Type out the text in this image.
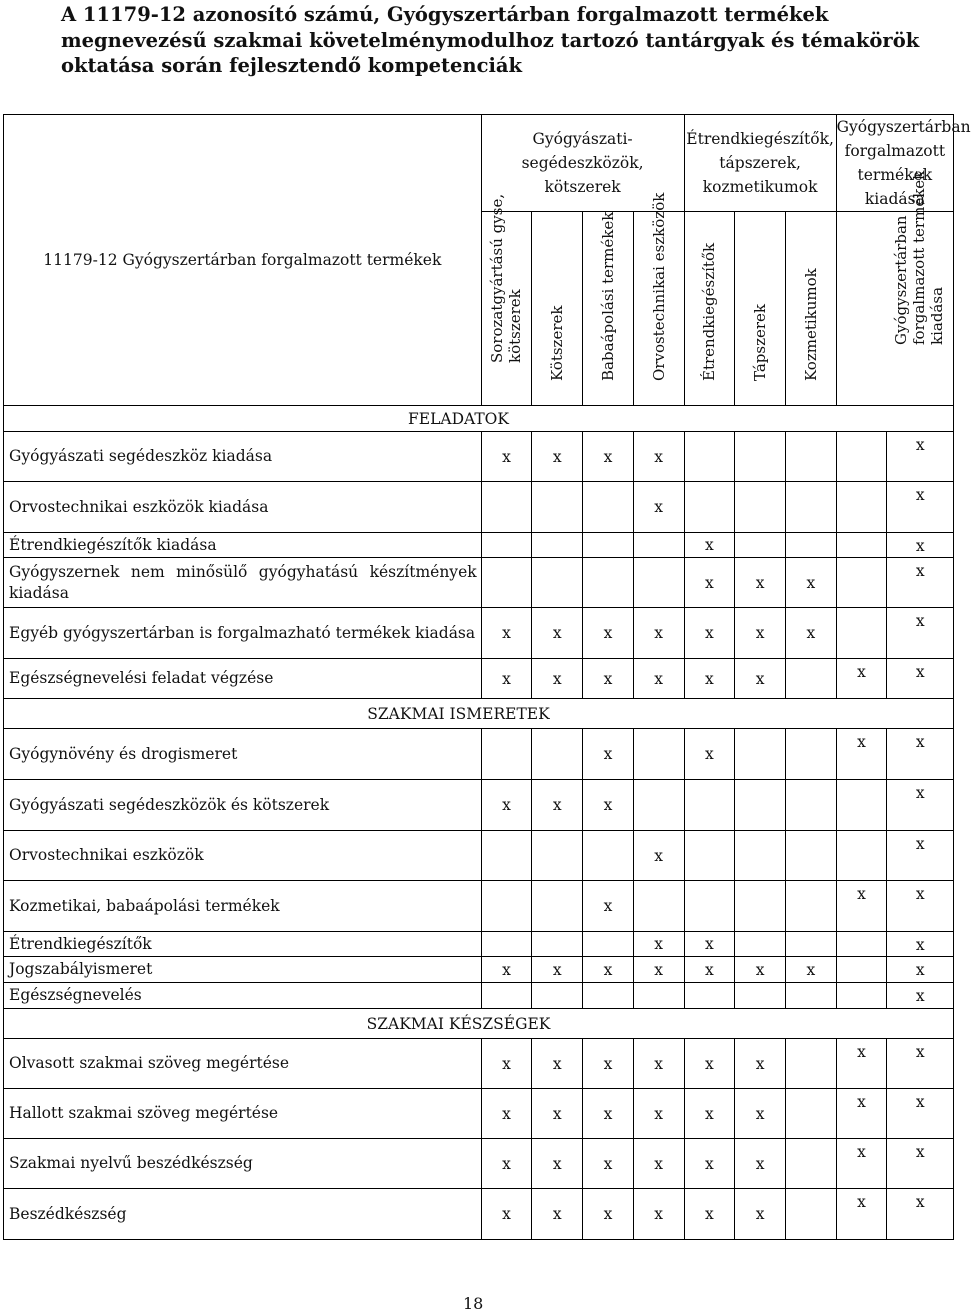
A 11179-12 azonosító számú, Gyógyszertárban forgalmazott termékek megnevezésű szakmai követelménymodulhoz tartozó tantárgyak és témakörök oktatása során fejlesztendő kompetenciák
11179-12 Gyógyszertárban forgalmazott termékek	Gyógyászati-segédeszközök, kötszerek				Étrendkiegészítők, tápszerek, kozmetikumok			Gyógyszertárban forgalmazott termékek kiadása	

	Sorozatgyártású gyse, kötszerek	Kötszerek	Babaápolási termékek	Orvostechnikai eszközök	Étrendkiegészítők	Tápszerek	Kozmetikumok	Gyógyszertárban forgalmazott termékek kiadása	

FELADATOK									
Gyógyászati segédeszköz kiadása	x	x	x	x					x
Orvostechnikai eszközök kiadása				x					x
Étrendkiegészítők kiadása					x				x
Gyógyszernek nem minősülő gyógyhatású készítmények kiadása					x	x	x		x
Egyéb gyógyszertárban is forgalmazható termékek kiadása	x	x	x	x	x	x	x		x
Egészségnevelési feladat végzése	x	x	x	x	x	x		x	x
SZAKMAI ISMERETEK									
Gyógynövény és drogismeret			x		x			x	x
Gyógyászati segédeszközök és kötszerek	x	x	x						x
Orvostechnikai eszközök				x					x
Kozmetikai, babaápolási termékek			x					x	x
Étrendkiegészítők				x	x				x
Jogszabályismeret	x	x	x	x	x	x	x		x
Egészségnevelés									x
SZAKMAI KÉSZSÉGEK									
Olvasott szakmai szöveg megértése	x	x	x	x	x	x		x	x
Hallott szakmai szöveg megértése	x	x	x	x	x	x		x	x
Szakmai nyelvű beszédkészség	x	x	x	x	x	x		x	x
Beszédkészség	x	x	x	x	x	x		x	x
18
